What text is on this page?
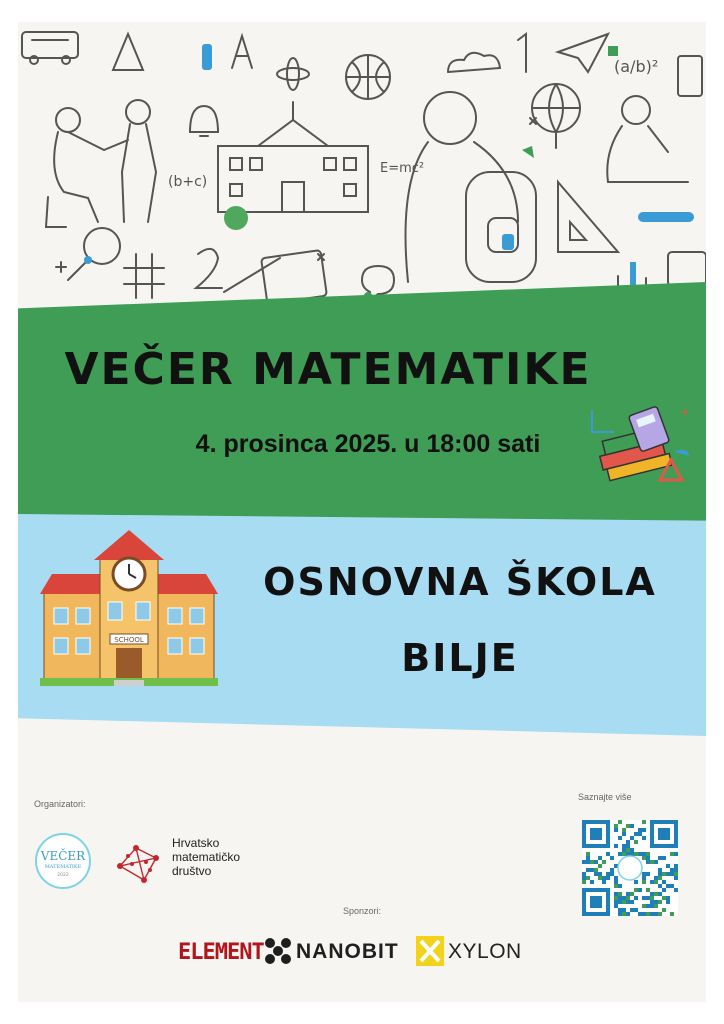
(a/b)²
E=mc²
(b+c)
VEČER MATEMATIKE
4. prosinca 2025. u 18:00 sati
+
SCHOOL
OSNOVNA ŠKOLA
BILJE
Organizatori:
VEČER
MATEMATIKE
2022
Hrvatsko
matematičko
društvo
Saznajte više
Sponzori:
ELEMENT NANOBIT XYLON
